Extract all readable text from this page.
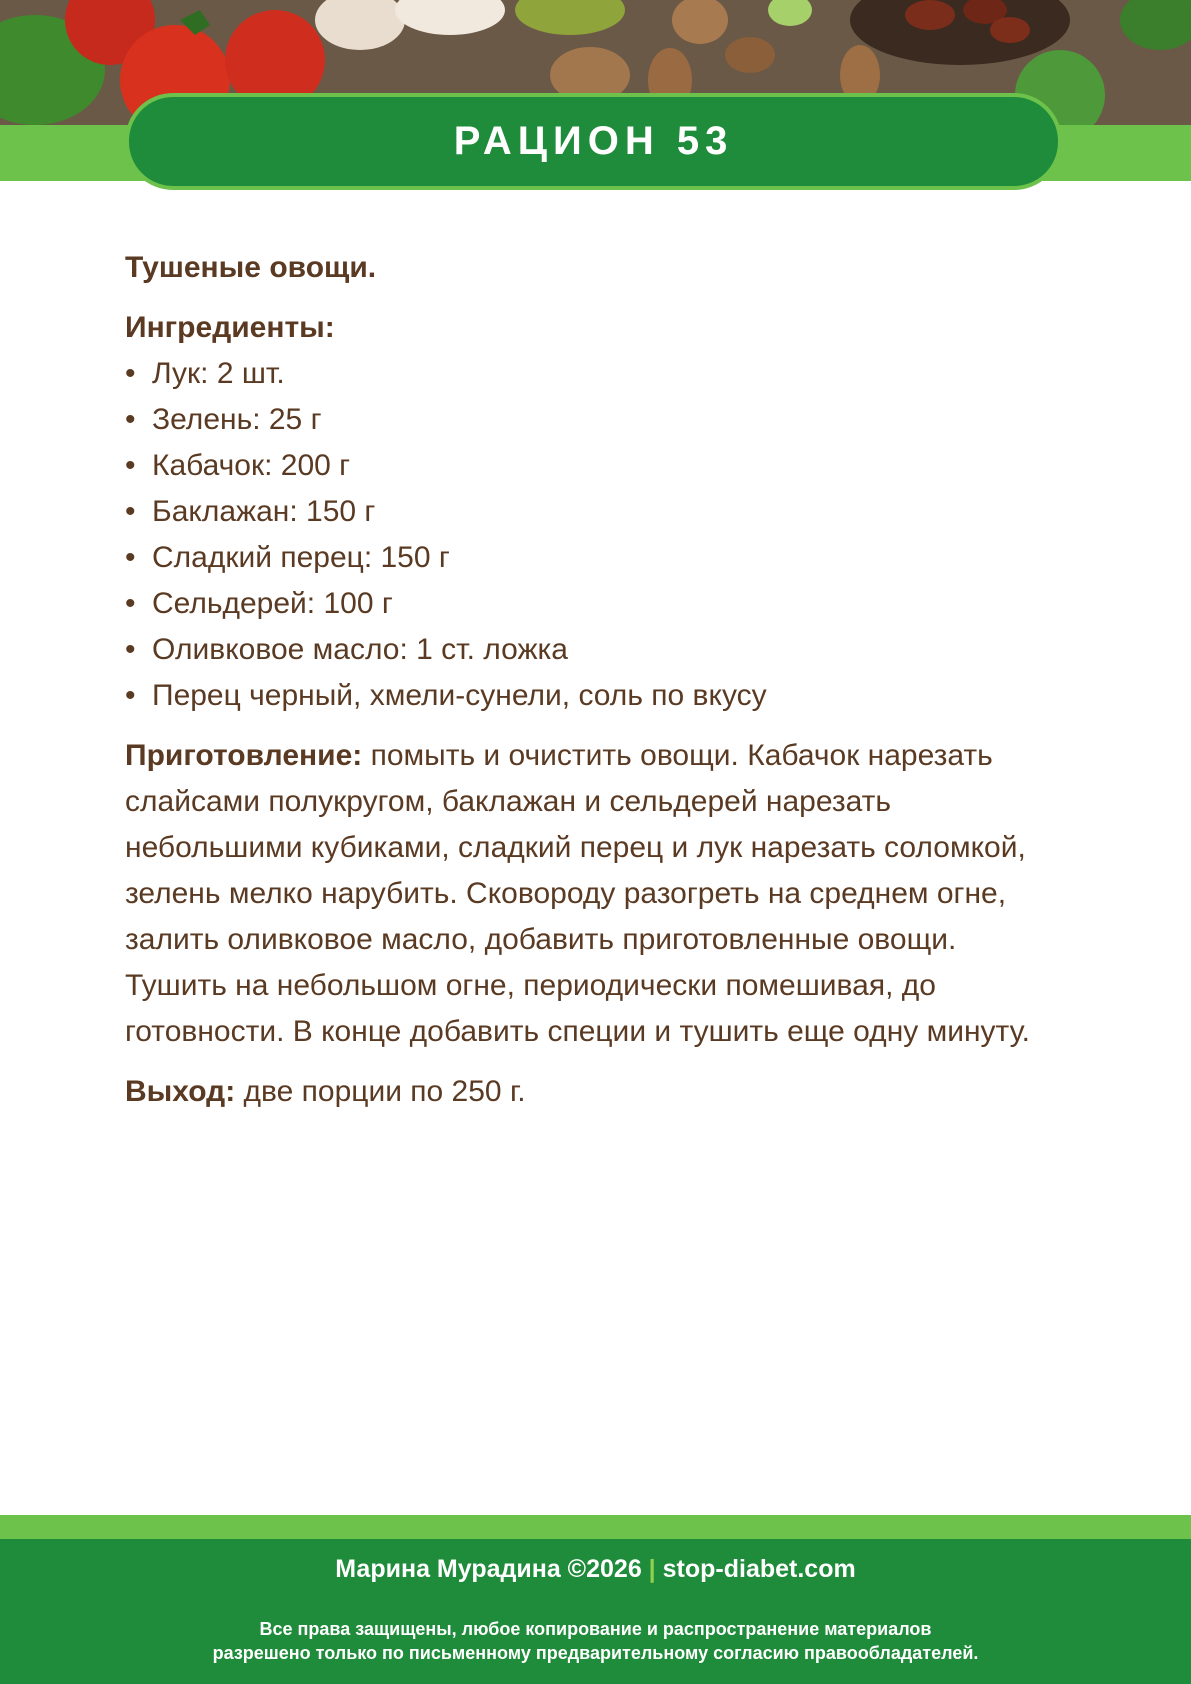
РАЦИОН 53

Тушеные овощи.

Ингредиенты:

• Лук: 2 шт.
• Зелень: 25 г
• Кабачок: 200 г
• Баклажан: 150 г
• Сладкий перец: 150 г
• Сельдерей: 100 г
• Оливковое масло: 1 ст. ложка
• Перец черный, хмели-сунели, соль по вкусу

Приготовление: помыть и очистить овощи. Кабачок нарезать слайсами полукругом, баклажан и сельдерей нарезать небольшими кубиками, сладкий перец и лук нарезать соломкой, зелень мелко нарубить. Сковороду разогреть на среднем огне, залить оливковое масло, добавить приготовленные овощи. Тушить на небольшом огне, периодически помешивая, до готовности. В конце добавить специи и тушить еще одну минуту.

Выход: две порции по 250 г.

Марина Мурадина ©2026 | stop-diabet.com
Все права защищены, любое копирование и распространение материалов
разрешено только по письменному предварительному согласию правообладателей.
